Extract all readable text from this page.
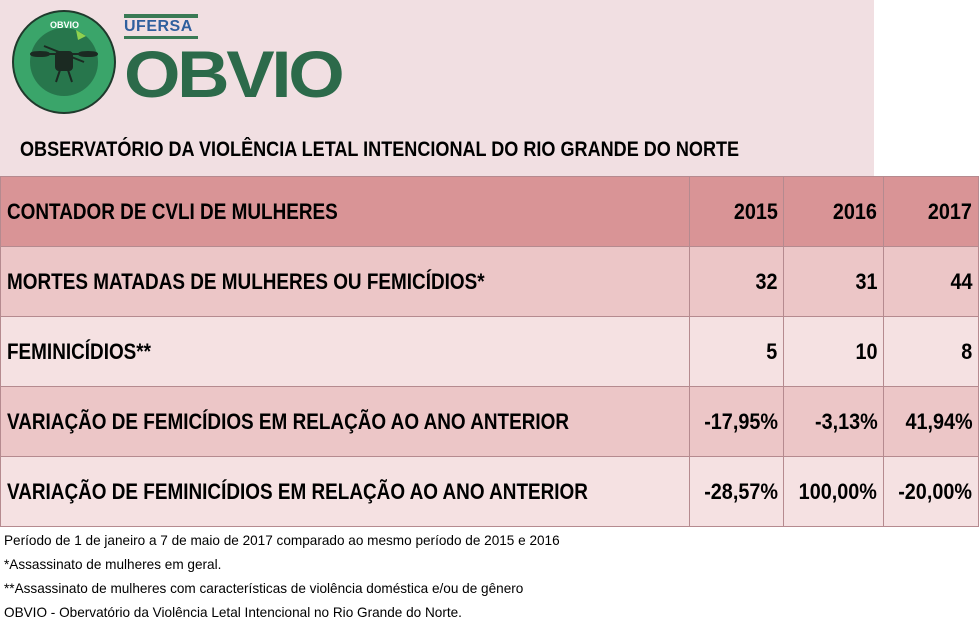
OBVIO	UFERSA
OBVIO
OBSERVATÓRIO DA VIOLÊNCIA LETAL INTENCIONAL DO RIO GRANDE DO NORTE
CONTADOR DE CVLI DE MULHERES	2015	2016	2017
MORTES MATADAS DE MULHERES OU FEMICÍDIOS*	32	31	44
FEMINICÍDIOS**	5	10	8
VARIAÇÃO DE FEMICÍDIOS EM RELAÇÃO AO ANO ANTERIOR	-17,95%	-3,13%	41,94%
VARIAÇÃO DE FEMINICÍDIOS EM RELAÇÃO AO ANO ANTERIOR	-28,57%	100,00%	-20,00%
Período de 1 de janeiro a 7 de maio de 2017 comparado ao mesmo período de 2015 e 2016
*Assassinato de mulheres em geral.
**Assassinato de mulheres com características de violência doméstica e/ou de gênero
OBVIO - Obervatório da Violência Letal Intencional no Rio Grande do Norte.
